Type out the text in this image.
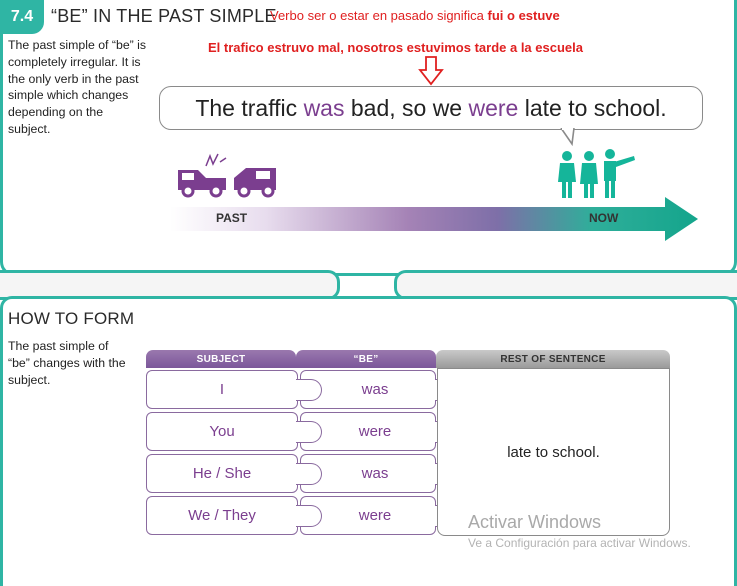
7.4 “BE” IN THE PAST SIMPLE
Verbo ser o estar en pasado significa fui o estuve
El trafico estruvo mal, nosotros estuvimos tarde a la escuela
The past simple of “be” is completely irregular. It is the only verb in the past simple which changes depending on the subject.
The traffic was bad, so we were late to school.
PAST	NOW
HOW TO FORM
The past simple of “be” changes with the subject.
SUBJECT	“BE”	REST OF SENTENCE
I	was
You	were
He / She	was
We / They	were
late to school.
Activar Windows
Ve a Configuración para activar Windows.
